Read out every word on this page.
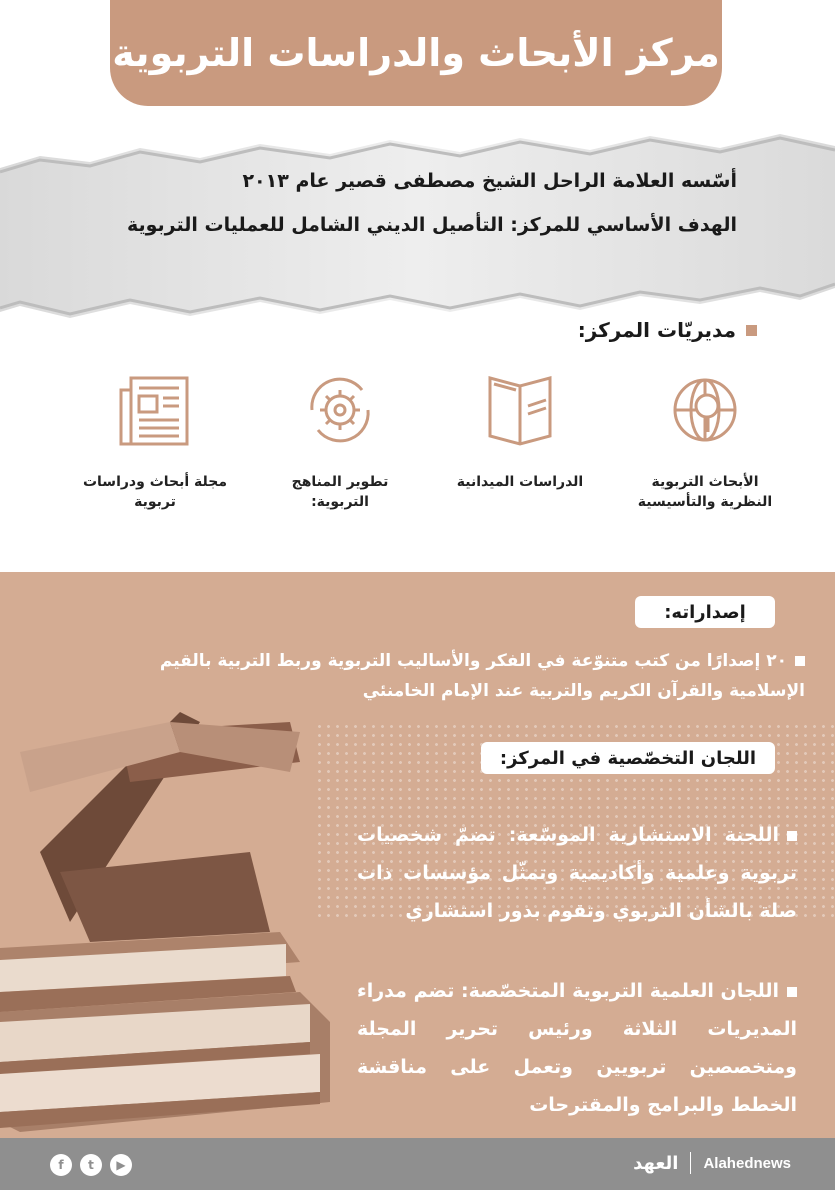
مركز الأبحاث والدراسات التربوية

أسّسه العلامة الراحل الشيخ مصطفى قصير عام ٢٠١٣

الهدف الأساسي للمركز: التأصيل الديني الشامل للعمليات التربوية

مديريّات المركز:
الأبحاث التربوية النظرية والتأسيسية
الدراسات الميدانية
تطوير المناهج التربوية:
مجلة أبحاث ودراسات تربوية
إصداراته:
٢٠ إصدارًا من كتب متنوّعة في الفكر والأساليب التربوية وربط التربية بالقيم الإسلامية والقرآن الكريم والتربية عند الإمام الخامنئي
اللجان التخصّصية في المركز:
اللجنة الاستشارية الموسّعة: تضمّ شخصيات تربوية وعلمية وأكاديمية وتمثّل مؤسسات ذات صلة بالشأن التربوي وتقوم بدور استشاري
اللجان العلمية التربوية المتخصّصة: تضم مدراء المديريات الثلاثة ورئيس تحرير المجلة ومتخصصين تربويين وتعمل على مناقشة الخطط والبرامج والمقترحات
f	t	▶	العهد Alahednews
